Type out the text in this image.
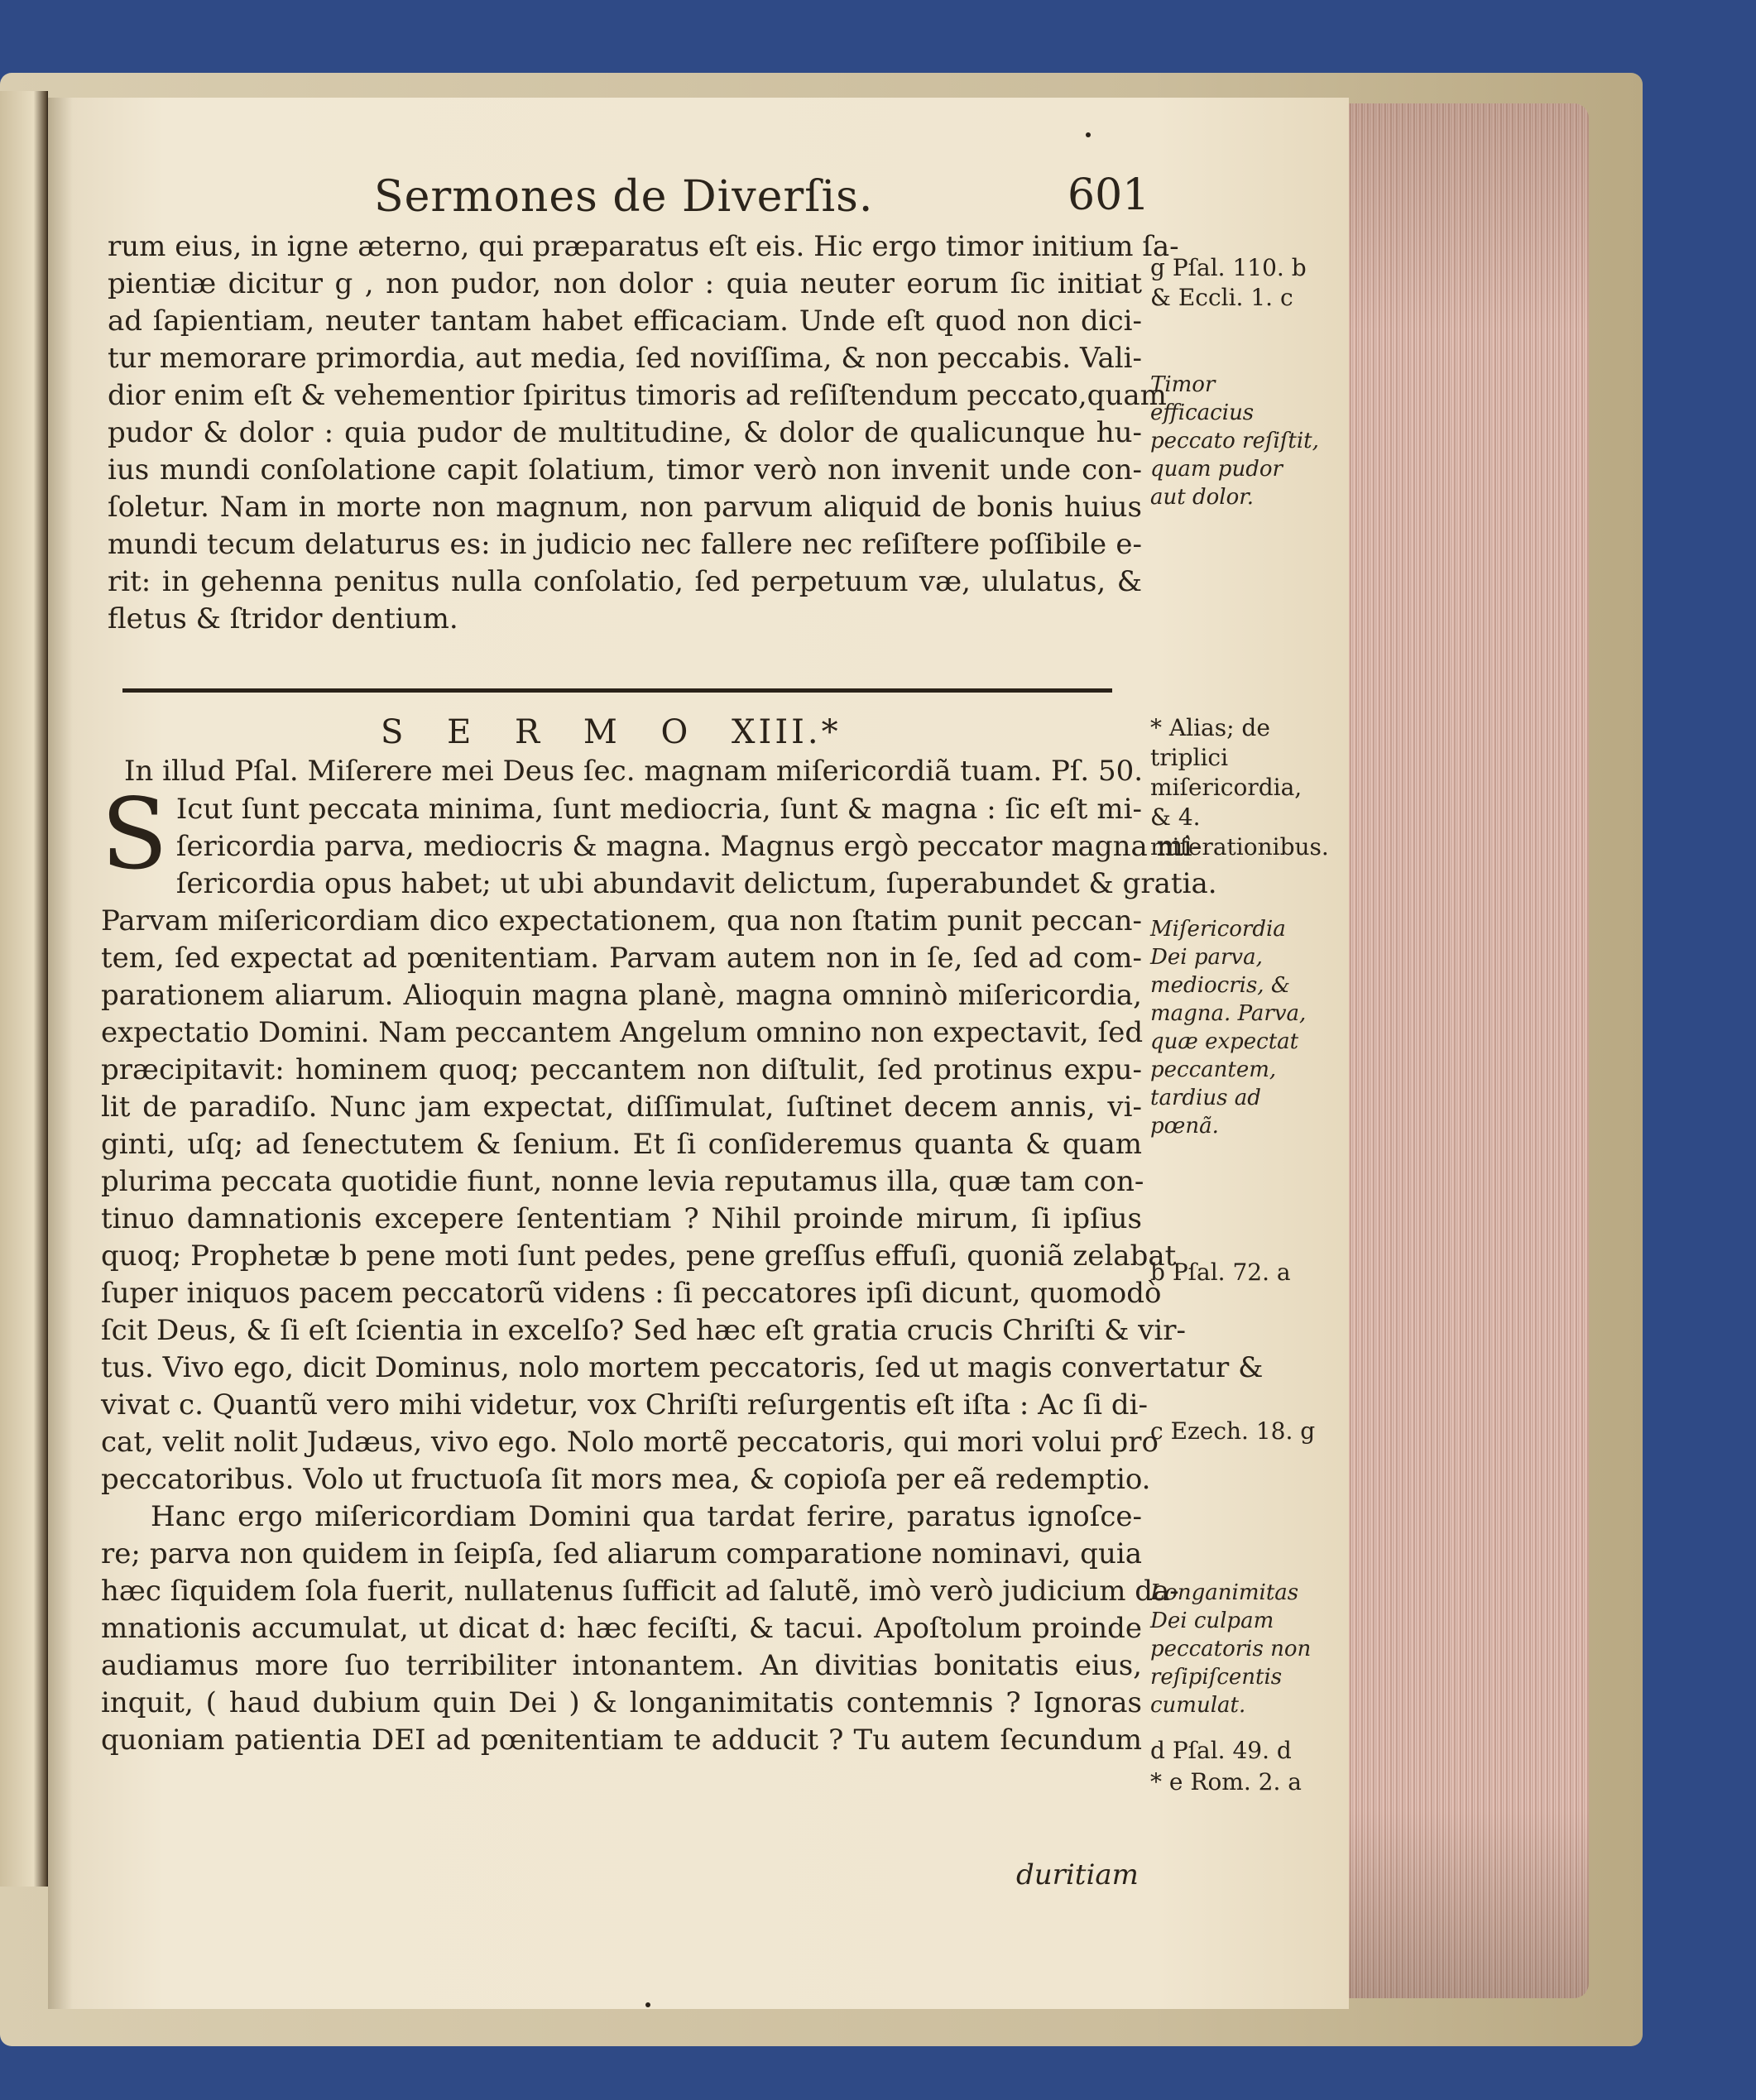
Sermones de Diverſis.	601
rum eius, in igne æterno, qui præparatus eſt eis. Hic ergo timor initium ſa-
pientiæ dicitur g , non pudor, non dolor : quia neuter eorum ſic initiat
ad ſapientiam, neuter tantam habet efficaciam. Unde eſt quod non dici-
tur memorare primordia, aut media, ſed noviſſima, & non peccabis. Vali-
dior enim eſt & vehementior ſpiritus timoris ad reſiſtendum peccato,quam
pudor & dolor : quia pudor de multitudine, & dolor de qualicunque hu-
ius mundi conſolatione capit ſolatium, timor verò non invenit unde con-
ſoletur. Nam in morte non magnum, non parvum aliquid de bonis huius
mundi tecum delaturus es: in judicio nec fallere nec reſiſtere poſſibile e-
rit: in gehenna penitus nulla conſolatio, ſed perpetuum væ, ululatus, &
fletus & ſtridor dentium.
S E R M O XIII.*
In illud Pſal. Miſerere mei Deus ſec. magnam miſericordiã tuam. Pſ. 50.
S Icut ſunt peccata minima, ſunt mediocria, ſunt & magna : ſic eſt mi-
ſericordia parva, mediocris & magna. Magnus ergò peccator magna mi-
ſericordia opus habet; ut ubi abundavit delictum, ſuperabundet & gratia.
Parvam miſericordiam dico expectationem, qua non ſtatim punit peccan-
tem, ſed expectat ad pœnitentiam. Parvam autem non in ſe, ſed ad com-
parationem aliarum. Alioquin magna planè, magna omninò miſericordia,
expectatio Domini. Nam peccantem Angelum omnino non expectavit, ſed
præcipitavit: hominem quoq; peccantem non diſtulit, ſed protinus expu-
lit de paradiſo. Nunc jam expectat, diſſimulat, ſuſtinet decem annis, vi-
ginti, uſq; ad ſenectutem & ſenium. Et ſi conſideremus quanta & quam
plurima peccata quotidie fiunt, nonne levia reputamus illa, quæ tam con-
tinuo damnationis excepere ſententiam ? Nihil proinde mirum, ſi ipſius
quoq; Prophetæ b pene moti ſunt pedes, pene greſſus effuſi, quoniã zelabat
ſuper iniquos pacem peccatorũ videns : ſi peccatores ipſi dicunt, quomodò
ſcit Deus, & ſi eſt ſcientia in excelſo? Sed hæc eſt gratia crucis Chriſti & vir-
tus. Vivo ego, dicit Dominus, nolo mortem peccatoris, ſed ut magis convertatur &
vivat c. Quantũ vero mihi videtur, vox Chriſti reſurgentis eſt iſta : Ac ſi di-
cat, velit nolit Judæus, vivo ego. Nolo mortẽ peccatoris, qui mori volui pro
peccatoribus. Volo ut fructuoſa ſit mors mea, & copioſa per eã redemptio.
Hanc ergo miſericordiam Domini qua tardat ferire, paratus ignoſce-
re; parva non quidem in ſeipſa, ſed aliarum comparatione nominavi, quia
hæc ſiquidem ſola fuerit, nullatenus ſufficit ad ſalutẽ, imò verò judicium da-
mnationis accumulat, ut dicat d: hæc feciſti, & tacui. Apoſtolum proinde
audiamus more ſuo terribiliter intonantem. An divitias bonitatis eius,
inquit, ( haud dubium quin Dei ) & longanimitatis contemnis ? Ignoras
quoniam patientia DEI ad pœnitentiam te adducit ? Tu autem ſecundum
duritiam
g Pſal. 110. b & Eccli. 1. c
Timor efficacius peccato reſiſtit, quam pudor aut dolor.
* Alias; de triplici miſericordia, & 4. miſerationibus.
Miſericordia Dei parva, mediocris, & magna. Parva, quæ expectat peccantem, tardius ad pœnã.
b Pſal. 72. a
c Ezech. 18. g
Longanimitas Dei culpam peccatoris non reſipiſcentis cumulat.
d Pſal. 49. d
* e Rom. 2. a
